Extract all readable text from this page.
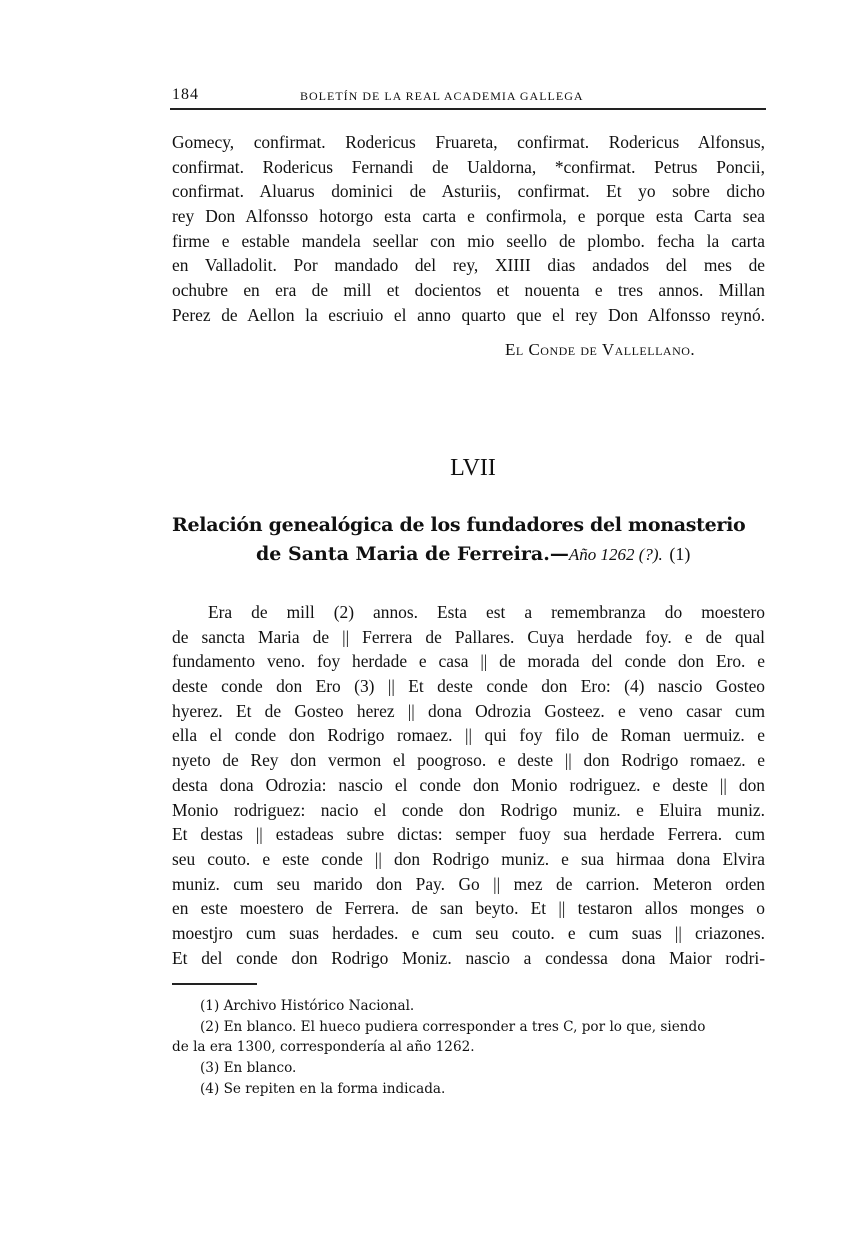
184	BOLETÍN DE LA REAL ACADEMIA GALLEGA
Gomecy, confirmat. Rodericus Fruareta, confirmat. Rodericus Alfonsus,
confirmat. Rodericus Fernandi de Ualdorna, *confirmat. Petrus Poncii,
confirmat. Aluarus dominici de Asturiis, confirmat. Et yo sobre dicho
rey Don Alfonsso hotorgo esta carta e confirmola, e porque esta Carta sea
firme e estable mandela seellar con mio seello de plombo. fecha la carta
en Valladolit. Por mandado del rey, XIIII dias andados del mes de
ochubre en era de mill et docientos et nouenta e tres annos. Millan
Perez de Aellon la escriuio el anno quarto que el rey Don Alfonsso reynó.
El Conde de Vallellano.
LVII
Relación genealógica de los fundadores del monasterio
de Santa Maria de Ferreira.—Año 1262 (?). (1)
Era de mill (2) annos. Esta est a remembranza do moestero
de sancta Maria de || Ferrera de Pallares. Cuya herdade foy. e de qual
fundamento veno. foy herdade e casa || de morada del conde don Ero. e
deste conde don Ero (3) || Et deste conde don Ero: (4) nascio Gosteo
hyerez. Et de Gosteo herez || dona Odrozia Gosteez. e veno casar cum
ella el conde don Rodrigo romaez. || qui foy filo de Roman uermuiz. e
nyeto de Rey don vermon el poogroso. e deste || don Rodrigo romaez. e
desta dona Odrozia: nascio el conde don Monio rodriguez. e deste || don
Monio rodriguez: nacio el conde don Rodrigo muniz. e Eluira muniz.
Et destas || estadeas subre dictas: semper fuoy sua herdade Ferrera. cum
seu couto. e este conde || don Rodrigo muniz. e sua hirmaa dona Elvira
muniz. cum seu marido don Pay. Go || mez de carrion. Meteron orden
en este moestero de Ferrera. de san beyto. Et || testaron allos monges o
moestjro cum suas herdades. e cum seu couto. e cum suas || criazones.
Et del conde don Rodrigo Moniz. nascio a condessa dona Maior rodri-
(1) Archivo Histórico Nacional.
(2) En blanco. El hueco pudiera corresponder a tres C, por lo que, siendo
de la era 1300, correspondería al año 1262.
(3) En blanco.
(4) Se repiten en la forma indicada.
